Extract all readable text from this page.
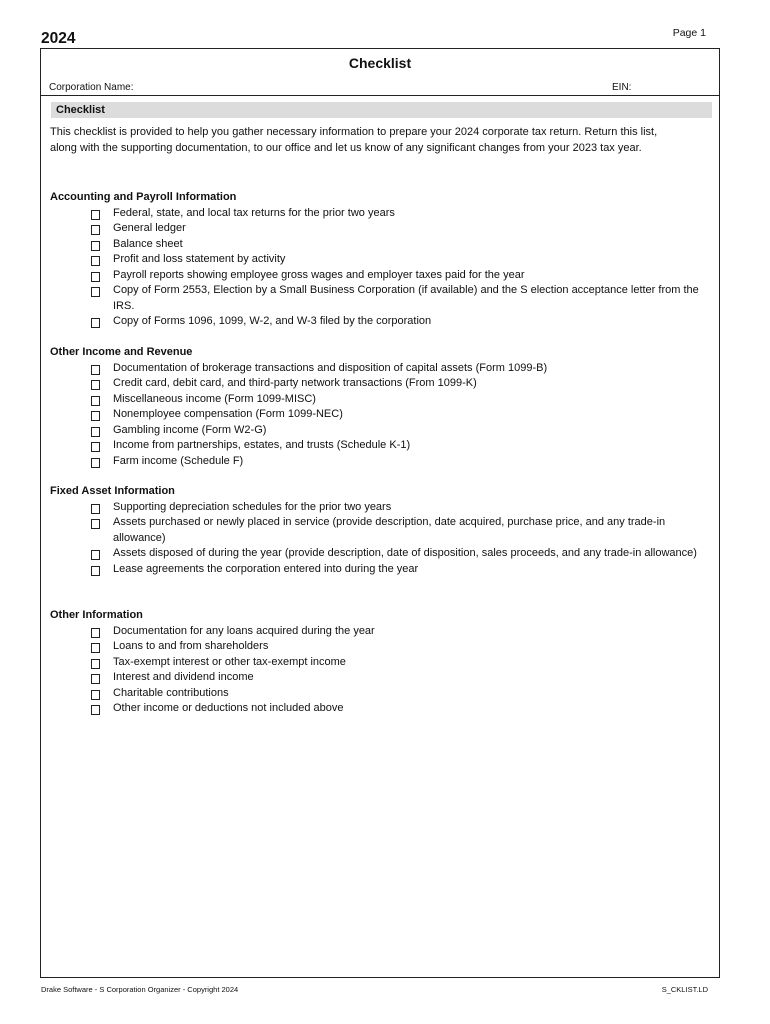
Page 1
2024
Checklist
Corporation Name:	EIN:
Checklist
This checklist is provided to help you gather necessary information to prepare your 2024 corporate tax return. Return this list, along with the supporting documentation, to our office and let us know of any significant changes from your 2023 tax year.
Accounting and Payroll Information
Federal, state, and local tax returns for the prior two years
General ledger
Balance sheet
Profit and loss statement by activity
Payroll reports showing employee gross wages and employer taxes paid for the year
Copy of Form 2553, Election by a Small Business Corporation (if available) and the S election acceptance letter from the IRS.
Copy of Forms 1096, 1099, W-2, and W-3 filed by the corporation
Other Income and Revenue
Documentation of brokerage transactions and disposition of capital assets (Form 1099-B)
Credit card, debit card, and third-party network transactions (From 1099-K)
Miscellaneous income (Form 1099-MISC)
Nonemployee compensation (Form 1099-NEC)
Gambling income (Form W2-G)
Income from partnerships, estates, and trusts (Schedule K-1)
Farm income (Schedule F)
Fixed Asset Information
Supporting depreciation schedules for the prior two years
Assets purchased or newly placed in service (provide description, date acquired, purchase price, and any trade-in allowance)
Assets disposed of during the year (provide description, date of disposition, sales proceeds, and any trade-in allowance)
Lease agreements the corporation entered into during the year
Other Information
Documentation for any loans acquired during the year
Loans to and from shareholders
Tax-exempt interest or other tax-exempt income
Interest and dividend income
Charitable contributions
Other income or deductions not included above
Drake Software - S Corporation Organizer - Copyright 2024	S_CKLIST.LD
